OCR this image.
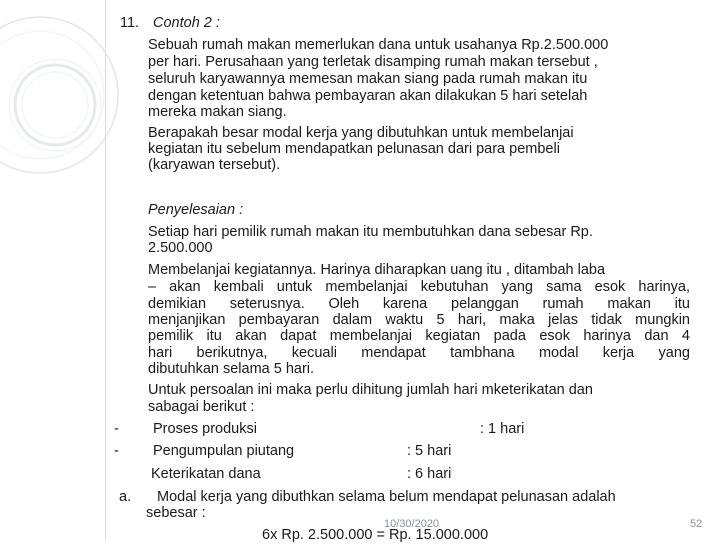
11. Contoh 2 :
Sebuah rumah makan memerlukan dana untuk usahanya Rp.2.500.000
per hari. Perusahaan yang terletak disamping rumah makan tersebut ,
seluruh karyawannya memesan makan siang pada rumah makan itu
dengan ketentuan bahwa pembayaran akan dilakukan 5 hari setelah
mereka makan siang.
Berapakah besar modal kerja yang dibutuhkan untuk membelanjai
kegiatan itu sebelum mendapatkan pelunasan dari para pembeli
(karyawan tersebut).
Penyelesaian :
Setiap hari pemilik rumah makan itu membutuhkan dana sebesar Rp.
2.500.000
Membelanjai kegiatannya. Harinya diharapkan uang itu , ditambah laba
– akan kembali untuk membelanjai kebutuhan yang sama esok harinya,
demikian seterusnya. Oleh karena pelanggan rumah makan itu
menjanjikan pembayaran dalam waktu 5 hari, maka jelas tidak mungkin
pemilik itu akan dapat membelanjai kegiatan pada esok harinya dan 4
hari berikutnya, kecuali mendapat tambhana modal kerja yang
dibutuhkan selama 5 hari.
Untuk persoalan ini maka perlu dihitung jumlah hari mketerikatan dan
sabagai berikut :
- Proses produksi	: 1 hari
- Pengumpulan piutang	: 5 hari
Keterikatan dana	: 6 hari
a. Modal kerja yang dibuthkan selama belum mendapat pelunasan adalah
sebesar :
6x Rp. 2.500.000 = Rp. 15.000.000
10/30/2020	52
